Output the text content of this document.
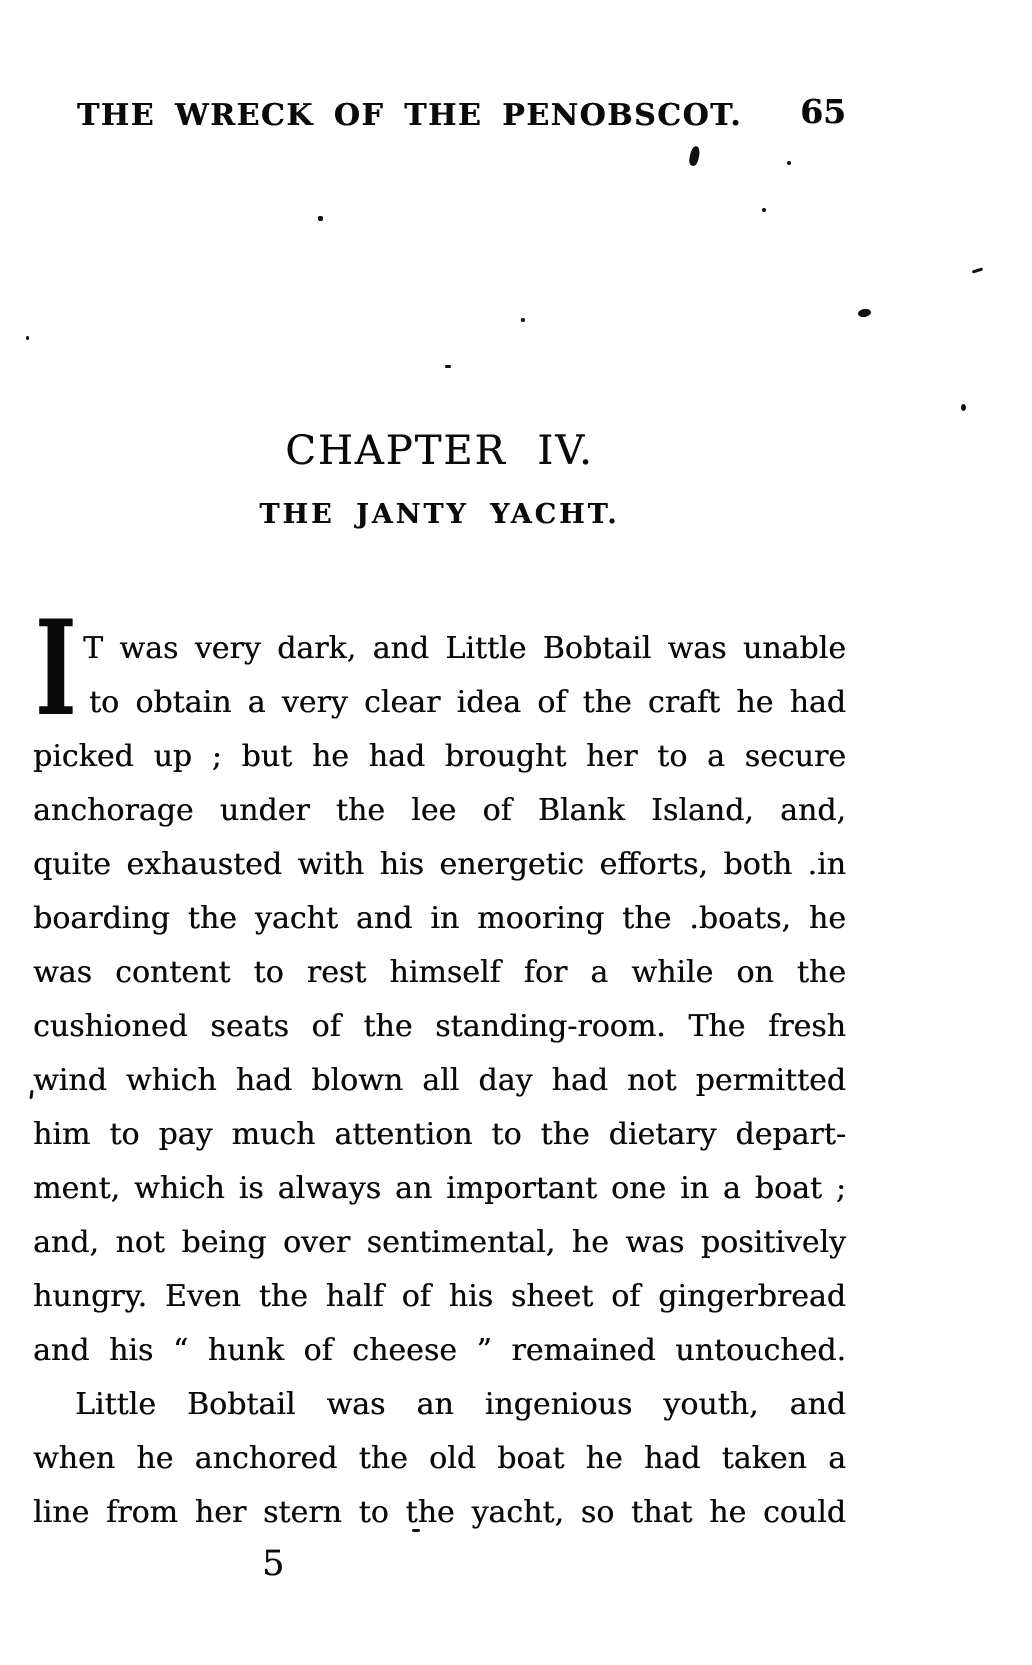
THE WRECK OF THE PENOBSCOT.	65
CHAPTER IV.
THE JANTY YACHT.
I T was very dark, and Little Bobtail was unable
to obtain a very clear idea of the craft he had
picked up ; but he had brought her to a secure
anchorage under the lee of Blank Island, and,
quite exhausted with his energetic efforts, both .in
boarding the yacht and in mooring the .boats, he
was content to rest himself for a while on the
cushioned seats of the standing-room. The fresh
wind which had blown all day had not permitted
him to pay much attention to the dietary depart-
ment, which is always an important one in a boat ;
and, not being over sentimental, he was positively
hungry. Even the half of his sheet of gingerbread
and his “ hunk of cheese ” remained untouched.
Little Bobtail was an ingenious youth, and
when he anchored the old boat he had taken a
line from her stern to the yacht, so that he could
5
